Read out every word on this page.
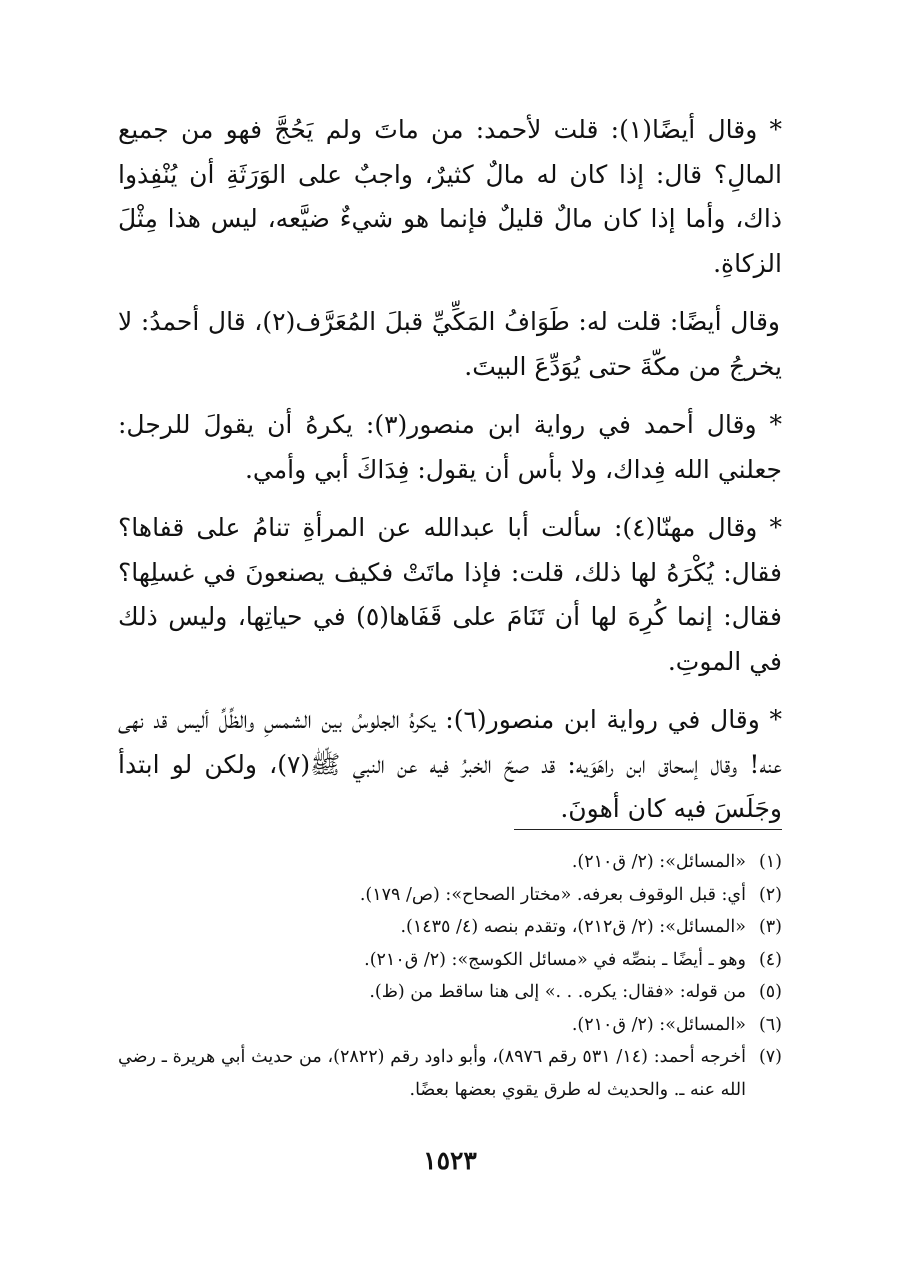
* وقال أيضًا(١): قلت لأحمد: من ماتَ ولم يَحُجَّ فهو من جميع المالِ؟ قال: إذا كان له مالٌ كثيرٌ، واجبٌ على الوَرَثَةِ أن يُنْفِذوا ذاك، وأما إذا كان مالٌ قليلٌ فإنما هو شيءٌ ضيَّعه، ليس هذا مِثْلَ الزكاةِ.

وقال أيضًا: قلت له: طَوَافُ المَكِّيِّ قبلَ المُعَرَّف(٢)، قال أحمدُ: لا يخرجُ من مكّةَ حتى يُوَدِّعَ البيتَ.

* وقال أحمد في رواية ابن منصور(٣): يكرهُ أن يقولَ للرجل: جعلني الله فِداك، ولا بأس أن يقول: فِدَاكَ أبي وأمي.

* وقال مهنّا(٤): سألت أبا عبدالله عن المرأةِ تنامُ على قفاها؟ فقال: يُكْرَهُ لها ذلك، قلت: فإذا ماتَتْ فكيف يصنعونَ في غسلِها؟ فقال: إنما كُرِهَ لها أن تَنَامَ على قَفَاها(٥) في حياتِها، وليس ذلك في الموتِ.

* وقال في رواية ابن منصور(٦): يكرهُ الجلوسُ بين الشمسِ والظِّلِّ أليس قد نهى عنه! وقال إسحاق ابن راهَوَيه: قد صحّ الخبرُ فيه عن النبي ﷺ(٧)، ولكن لو ابتدأ وجَلَسَ فيه كان أهونَ.

(١)
«المسائل»: (٢/ ق٢١٠).
(٢)
أي: قبل الوقوف بعرفه. «مختار الصحاح»: (ص/ ١٧٩).
(٣)
«المسائل»: (٢/ ق٢١٢)، وتقدم بنصه (٤/ ١٤٣٥).
(٤)
وهو ـ أيضًا ـ بنصِّه في «مسائل الكوسج»: (٢/ ق٢١٠).
(٥)
من قوله: «فقال: يكره. . .» إلى هنا ساقط من (ظ).
(٦)
«المسائل»: (٢/ ق٢١٠).
(٧)
أخرجه أحمد: (١٤/ ٥٣١ رقم ٨٩٧٦)، وأبو داود رقم (٢٨٢٢)، من حديث أبي هريرة ـ رضي الله عنه ـ. والحديث له طرق يقوي بعضها بعضًا.
١٥٢٣
